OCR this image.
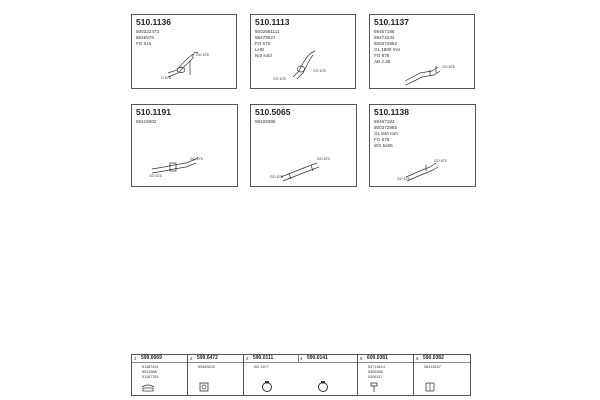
510.1136
500322473
5645576
FO 615
GO 675
G 675
510.1113
5002581111
59478027
FO 675
LHD
Not sold
GO 675
GO 675
510.1137
59467188
59474234
500372962
GL 1800 mm
FO 675
AB 2.35
GO 675
510.1191
58415002
GO 675
GO 675
510.5065
59428386
GO 675
GO 675
510.1138
59467183
500372965
GL 840 mm
FO 675
WS 5x65
GO 675
GO 675
1 599.0069
51187491
5912688
51187761
2 599.0472
59463233
3 590.0111	4 590.0141
AD 1677
5 609.0381
53719414
5306356
5306317
6 590.0382
58415157
